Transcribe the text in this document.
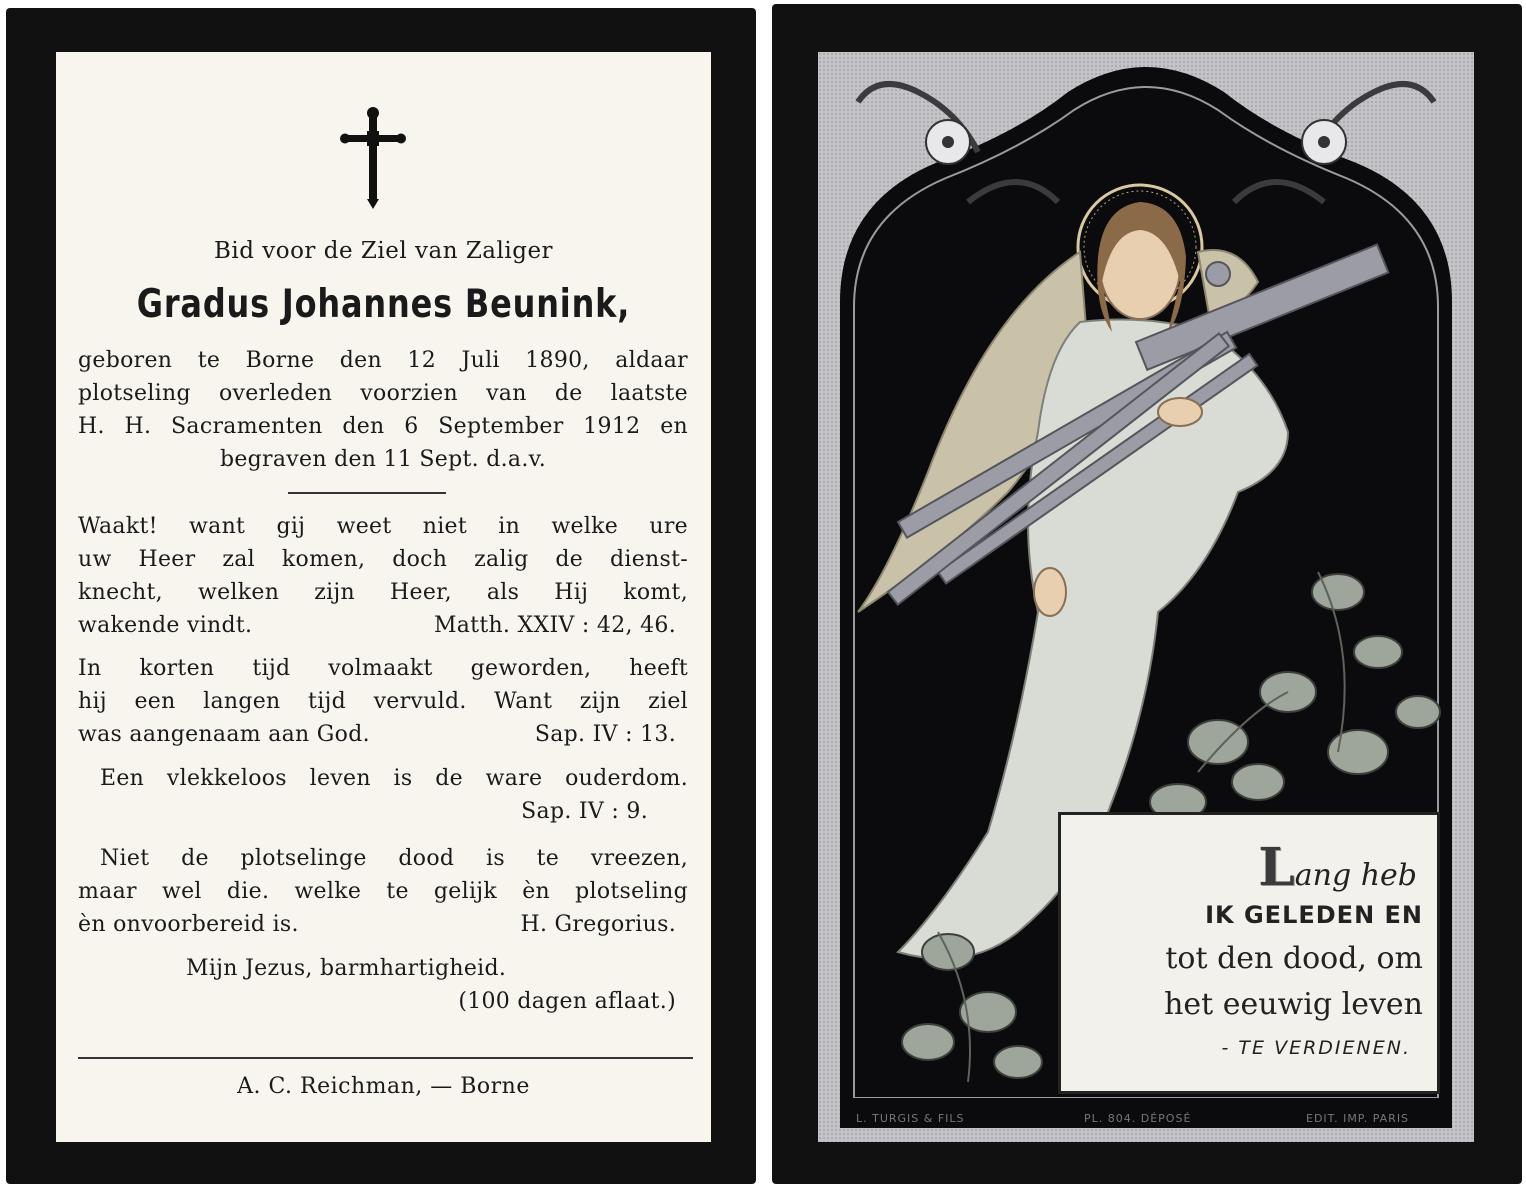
Bid voor de Ziel van Zaliger
Gradus Johannes Beunink,
geboren te Borne den 12 Juli 1890, aldaar
plotseling overleden voorzien van de laatste
H. H. Sacramenten den 6 September 1912 en
begraven den 11 Sept. d.a.v.
Waakt! want gij weet niet in welke ure
uw Heer zal komen, doch zalig de dienst-
knecht, welken zijn Heer, als Hij komt,
wakende vindt.	Matth. XXIV : 42, 46.
In korten tijd volmaakt geworden, heeft
hij een langen tijd vervuld. Want zijn ziel
was aangenaam aan God.	Sap. IV : 13.
Een vlekkeloos leven is de ware ouderdom.
Sap. IV : 9.
Niet de plotselinge dood is te vreezen,
maar wel die. welke te gelijk èn plotseling
èn onvoorbereid is.	H. Gregorius.
Mijn Jezus, barmhartigheid.
(100 dagen aflaat.)
A. C. Reichman, — Borne
Lang heb
IK GELEDEN EN
tot den dood, om
het eeuwig leven
- TE VERDIENEN.
L. TURGIS & FILS	PL. 804. DÉPOSÉ	EDIT. IMP. PARIS
